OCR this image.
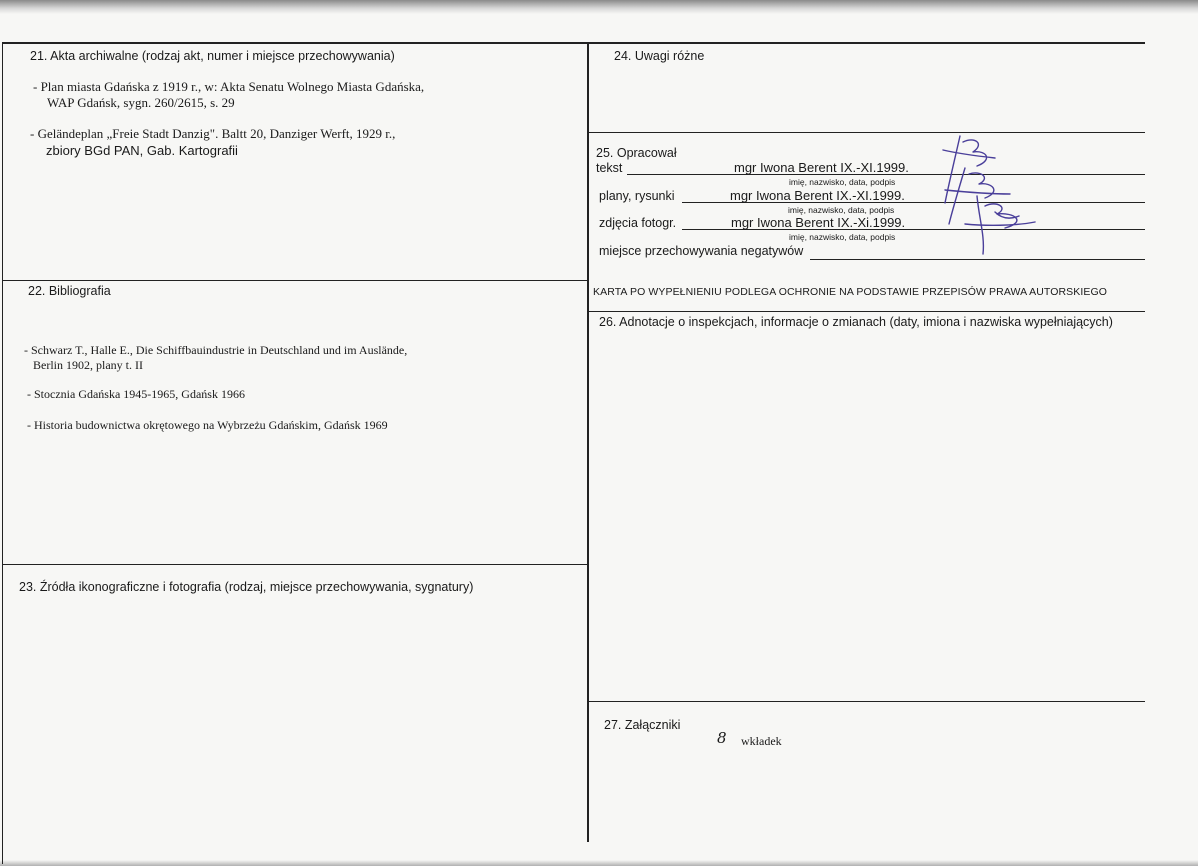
21. Akta archiwalne (rodzaj akt, numer i miejsce przechowywania)
- Plan miasta Gdańska z 1919 r., w: Akta Senatu Wolnego Miasta Gdańska,
WAP Gdańsk, sygn. 260/2615, s. 29
- Geländeplan „Freie Stadt Danzig". Baltt 20, Danziger Werft, 1929 r.,
zbiory BGd PAN, Gab. Kartografii
22. Bibliografia
- Schwarz T., Halle E., Die Schiffbauindustrie in Deutschland und im Auslände,
Berlin 1902, plany t. II
- Stocznia Gdańska 1945-1965, Gdańsk 1966
- Historia budownictwa okrętowego na Wybrzeżu Gdańskim, Gdańsk 1969
23. Źródła ikonograficzne i fotografia (rodzaj, miejsce przechowywania, sygnatury)
24. Uwagi różne
25. Opracował
tekst	mgr Iwona Berent IX.-XI.1999.
imię, nazwisko, data, podpis
plany, rysunki	mgr Iwona Berent IX.-XI.1999.
imię, nazwisko, data, podpis
zdjęcia fotogr.	mgr Iwona Berent IX.-Xi.1999.
imię, nazwisko, data, podpis
miejsce przechowywania negatywów
KARTA PO WYPEŁNIENIU PODLEGA OCHRONIE NA PODSTAWIE PRZEPISÓW PRAWA AUTORSKIEGO
26. Adnotacje o inspekcjach, informacje o zmianach (daty, imiona i nazwiska wypełniających)
27. Załączniki
8 wkładek
